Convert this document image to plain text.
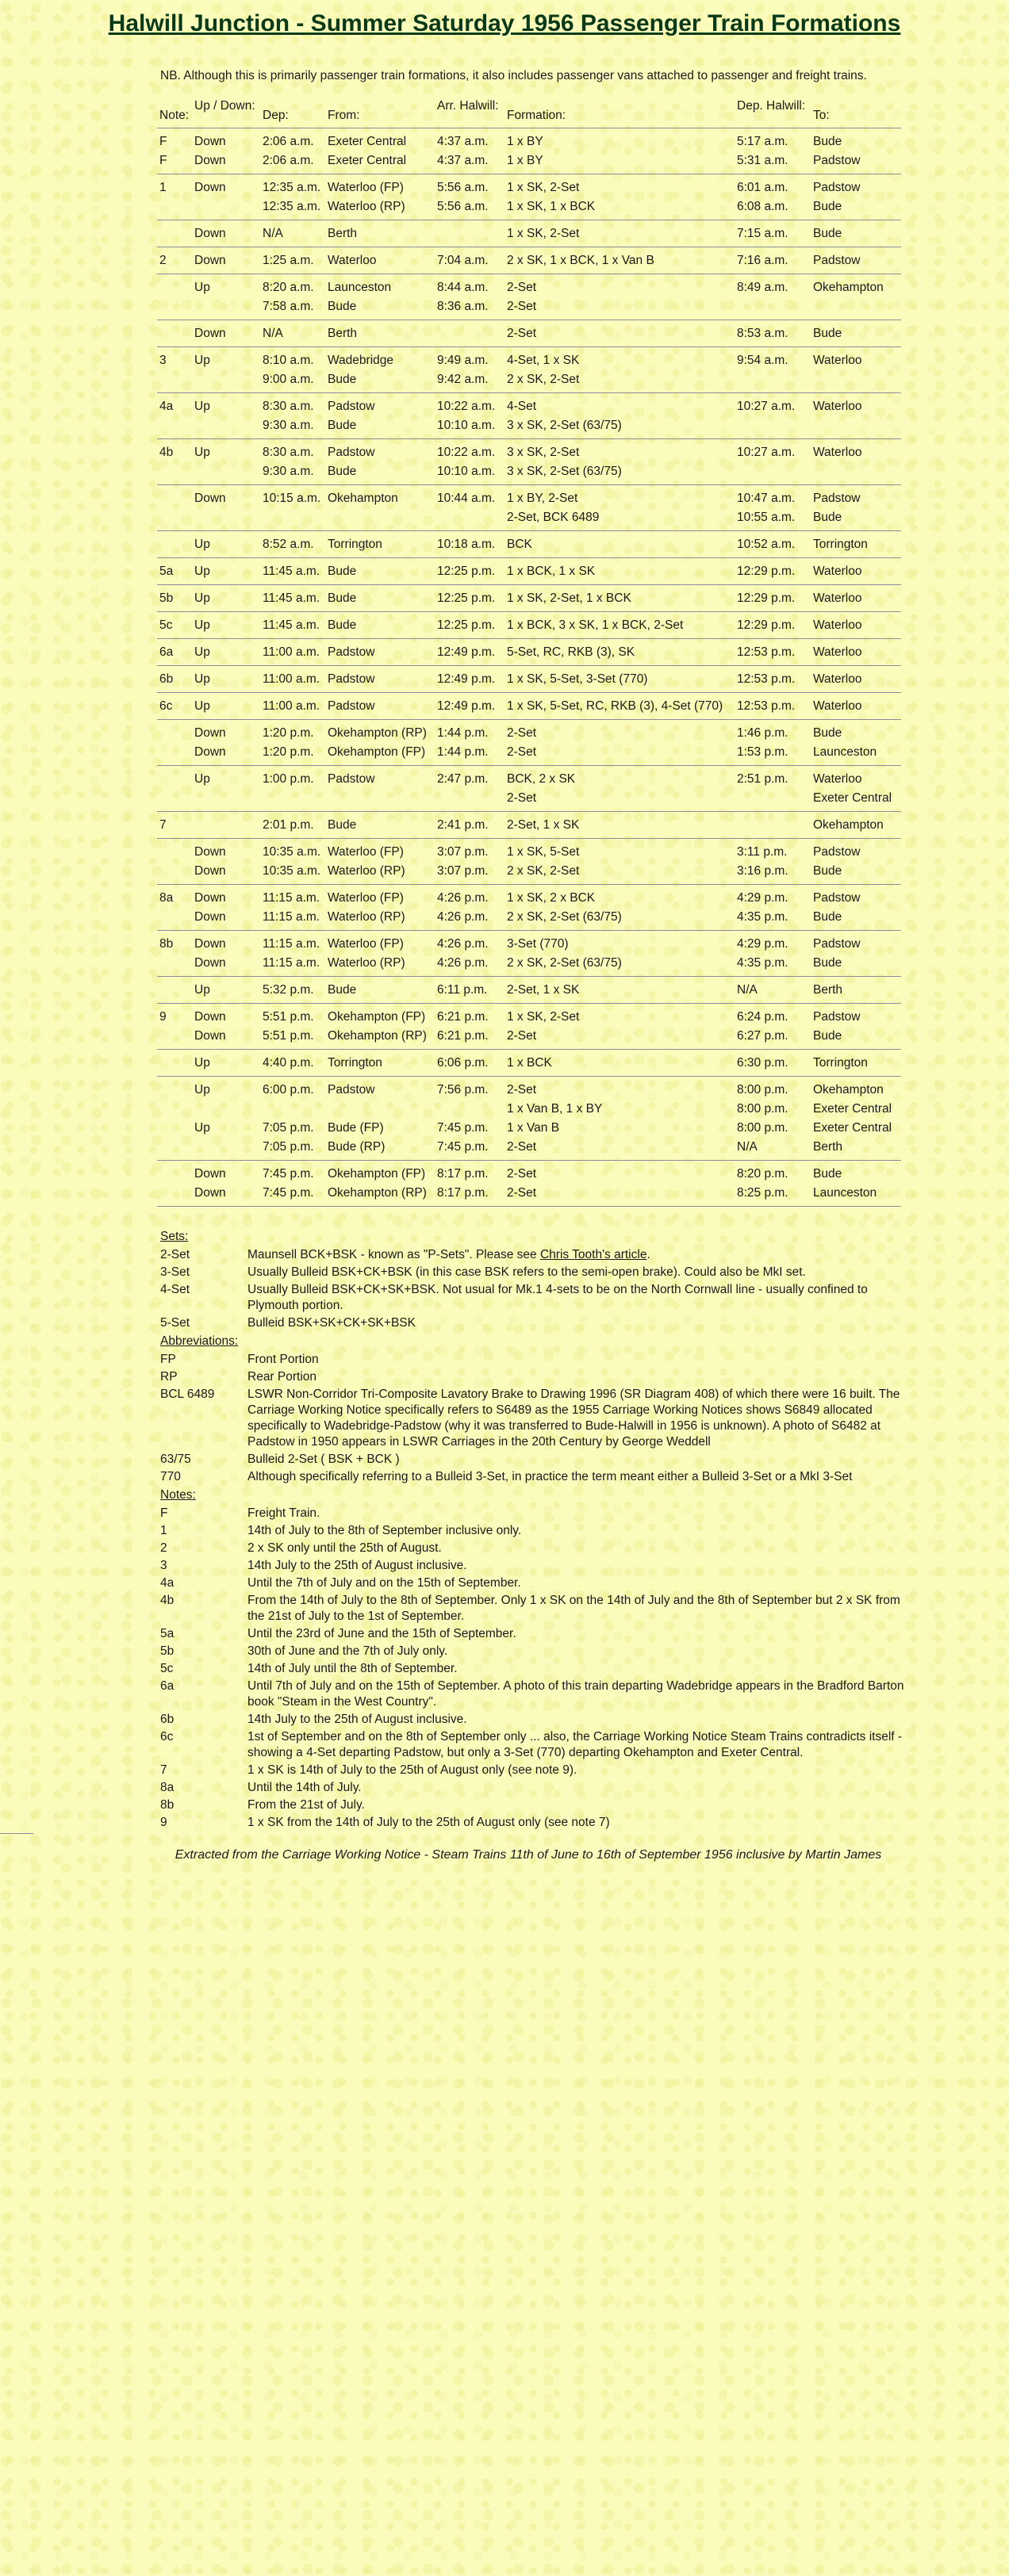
Halwill Junction - Summer Saturday 1956 Passenger Train Formations
NB. Although this is primarily passenger train formations, it also includes passenger vans attached to passenger and freight trains.
Note:	Up / Down:	Dep:	From:	Arr. Halwill:	Formation:	Dep. Halwill:	To:

F	Down	2:06 a.m.	Exeter Central	4:37 a.m.	1 x BY	5:17 a.m.	Bude
F	Down	2:06 a.m.	Exeter Central	4:37 a.m.	1 x BY	5:31 a.m.	Padstow

1	Down	12:35 a.m.	Waterloo (FP)	5:56 a.m.	1 x SK, 2-Set	6:01 a.m.	Padstow
		12:35 a.m.	Waterloo (RP)	5:56 a.m.	1 x SK, 1 x BCK	6:08 a.m.	Bude

	Down	N/A	Berth		1 x SK, 2-Set	7:15 a.m.	Bude

2	Down	1:25 a.m.	Waterloo	7:04 a.m.	2 x SK, 1 x BCK, 1 x Van B	7:16 a.m.	Padstow

	Up	8:20 a.m.	Launceston	8:44 a.m.	2-Set	8:49 a.m.	Okehampton
		7:58 a.m.	Bude	8:36 a.m.	2-Set		

	Down	N/A	Berth		2-Set	8:53 a.m.	Bude

3	Up	8:10 a.m.	Wadebridge	9:49 a.m.	4-Set, 1 x SK	9:54 a.m.	Waterloo
		9:00 a.m.	Bude	9:42 a.m.	2 x SK, 2-Set		

4a	Up	8:30 a.m.	Padstow	10:22 a.m.	4-Set	10:27 a.m.	Waterloo
		9:30 a.m.	Bude	10:10 a.m.	3 x SK, 2-Set (63/75)		

4b	Up	8:30 a.m.	Padstow	10:22 a.m.	3 x SK, 2-Set	10:27 a.m.	Waterloo
		9:30 a.m.	Bude	10:10 a.m.	3 x SK, 2-Set (63/75)		

	Down	10:15 a.m.	Okehampton	10:44 a.m.	1 x BY, 2-Set	10:47 a.m.	Padstow
					2-Set, BCK 6489	10:55 a.m.	Bude

	Up	8:52 a.m.	Torrington	10:18 a.m.	BCK	10:52 a.m.	Torrington

5a	Up	11:45 a.m.	Bude	12:25 p.m.	1 x BCK, 1 x SK	12:29 p.m.	Waterloo

5b	Up	11:45 a.m.	Bude	12:25 p.m.	1 x SK, 2-Set, 1 x BCK	12:29 p.m.	Waterloo

5c	Up	11:45 a.m.	Bude	12:25 p.m.	1 x BCK, 3 x SK, 1 x BCK, 2-Set	12:29 p.m.	Waterloo

6a	Up	11:00 a.m.	Padstow	12:49 p.m.	5-Set, RC, RKB (3), SK	12:53 p.m.	Waterloo

6b	Up	11:00 a.m.	Padstow	12:49 p.m.	1 x SK, 5-Set, 3-Set (770)	12:53 p.m.	Waterloo

6c	Up	11:00 a.m.	Padstow	12:49 p.m.	1 x SK, 5-Set, RC, RKB (3), 4-Set (770)	12:53 p.m.	Waterloo

	Down	1:20 p.m.	Okehampton (RP)	1:44 p.m.	2-Set	1:46 p.m.	Bude
	Down	1:20 p.m.	Okehampton (FP)	1:44 p.m.	2-Set	1:53 p.m.	Launceston

	Up	1:00 p.m.	Padstow	2:47 p.m.	BCK, 2 x SK	2:51 p.m.	Waterloo
					2-Set		Exeter Central

7		2:01 p.m.	Bude	2:41 p.m.	2-Set, 1 x SK		Okehampton

	Down	10:35 a.m.	Waterloo (FP)	3:07 p.m.	1 x SK, 5-Set	3:11 p.m.	Padstow
	Down	10:35 a.m.	Waterloo (RP)	3:07 p.m.	2 x SK, 2-Set	3:16 p.m.	Bude

8a	Down	11:15 a.m.	Waterloo (FP)	4:26 p.m.	1 x SK, 2 x BCK	4:29 p.m.	Padstow
	Down	11:15 a.m.	Waterloo (RP)	4:26 p.m.	2 x SK, 2-Set (63/75)	4:35 p.m.	Bude

8b	Down	11:15 a.m.	Waterloo (FP)	4:26 p.m.	3-Set (770)	4:29 p.m.	Padstow
	Down	11:15 a.m.	Waterloo (RP)	4:26 p.m.	2 x SK, 2-Set (63/75)	4:35 p.m.	Bude

	Up	5:32 p.m.	Bude	6:11 p.m.	2-Set, 1 x SK	N/A	Berth

9	Down	5:51 p.m.	Okehampton (FP)	6:21 p.m.	1 x SK, 2-Set	6:24 p.m.	Padstow
	Down	5:51 p.m.	Okehampton (RP)	6:21 p.m.	2-Set	6:27 p.m.	Bude

	Up	4:40 p.m.	Torrington	6:06 p.m.	1 x BCK	6:30 p.m.	Torrington

	Up	6:00 p.m.	Padstow	7:56 p.m.	2-Set	8:00 p.m.	Okehampton
					1 x Van B, 1 x BY	8:00 p.m.	Exeter Central
	Up	7:05 p.m.	Bude (FP)	7:45 p.m.	1 x Van B	8:00 p.m.	Exeter Central
		7:05 p.m.	Bude (RP)	7:45 p.m.	2-Set	N/A	Berth

	Down	7:45 p.m.	Okehampton (FP)	8:17 p.m.	2-Set	8:20 p.m.	Bude
	Down	7:45 p.m.	Okehampton (RP)	8:17 p.m.	2-Set	8:25 p.m.	Launceston

Sets:
2-Set	Maunsell BCK+BSK - known as "P-Sets". Please see Chris Tooth's article.
3-Set	Usually Bulleid BSK+CK+BSK (in this case BSK refers to the semi-open brake). Could also be MkI set.
4-Set	Usually Bulleid BSK+CK+SK+BSK. Not usual for Mk.1 4-sets to be on the North Cornwall line - usually confined to Plymouth portion.
5-Set	Bulleid BSK+SK+CK+SK+BSK
Abbreviations:
FP	Front Portion
RP	Rear Portion
BCL 6489	LSWR Non-Corridor Tri-Composite Lavatory Brake to Drawing 1996 (SR Diagram 408) of which there were 16 built. The Carriage Working Notice specifically refers to S6489 as the 1955 Carriage Working Notices shows S6849 allocated specifically to Wadebridge-Padstow (why it was transferred to Bude-Halwill in 1956 is unknown). A photo of S6482 at Padstow in 1950 appears in LSWR Carriages in the 20th Century by George Weddell
63/75	Bulleid 2-Set ( BSK + BCK )
770	Although specifically referring to a Bulleid 3-Set, in practice the term meant either a Bulleid 3-Set or a MkI 3-Set
Notes:
F	Freight Train.
1	14th of July to the 8th of September inclusive only.
2	2 x SK only until the 25th of August.
3	14th July to the 25th of August inclusive.
4a	Until the 7th of July and on the 15th of September.
4b	From the 14th of July to the 8th of September. Only 1 x SK on the 14th of July and the 8th of September but 2 x SK from the 21st of July to the 1st of September.
5a	Until the 23rd of June and the 15th of September.
5b	30th of June and the 7th of July only.
5c	14th of July until the 8th of September.
6a	Until 7th of July and on the 15th of September. A photo of this train departing Wadebridge appears in the Bradford Barton book "Steam in the West Country".
6b	14th July to the 25th of August inclusive.
6c	1st of September and on the 8th of September only ... also, the Carriage Working Notice Steam Trains contradicts itself - showing a 4-Set departing Padstow, but only a 3-Set (770) departing Okehampton and Exeter Central.
7	1 x SK is 14th of July to the 25th of August only (see note 9).
8a	Until the 14th of July.
8b	From the 21st of July.
9	1 x SK from the 14th of July to the 25th of August only (see note 7)
Extracted from the Carriage Working Notice - Steam Trains 11th of June to 16th of September 1956 inclusive by Martin James
